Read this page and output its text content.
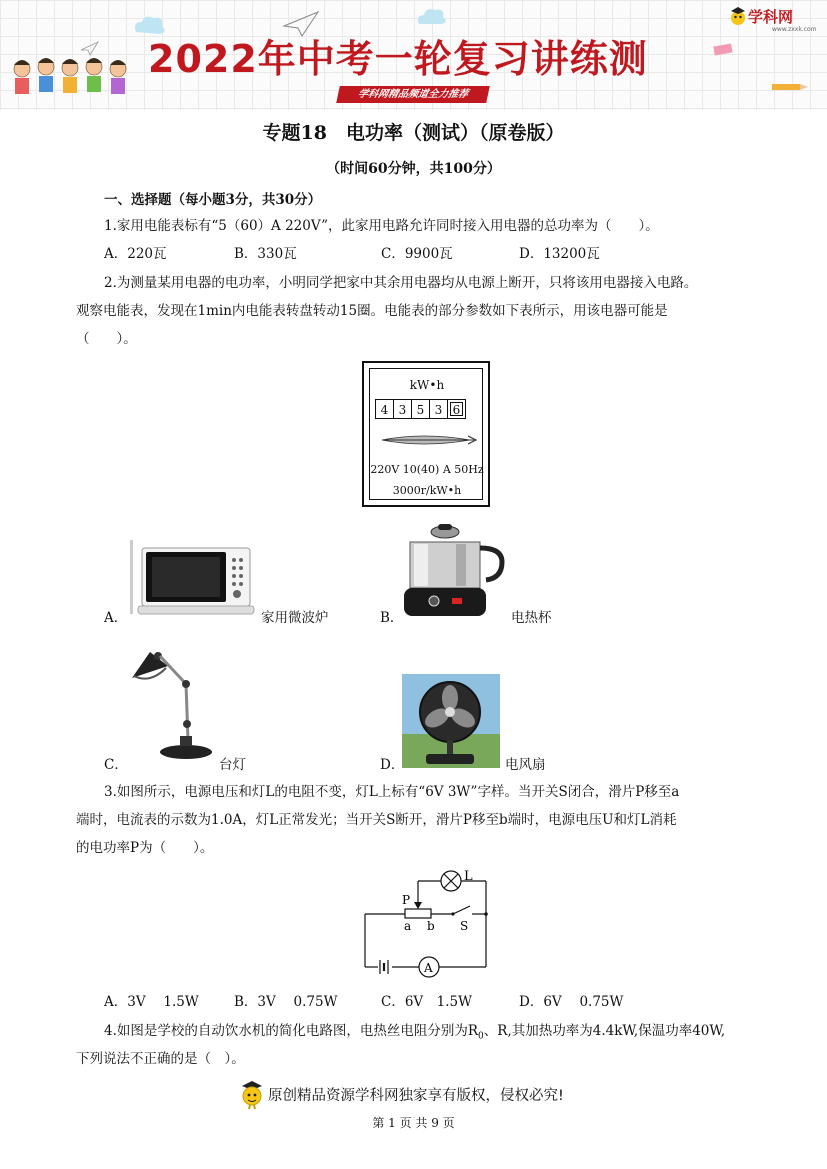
2022年中考一轮复习讲练测
学科网精品频道全力推荐
学科网
www.zxxk.com
专题18　电功率（测试）（原卷版）
（时间60分钟，共100分）
一、选择题（每小题3分，共30分）
1.家用电能表标有“5（60）A 220V”，此家用电路允许同时接入用电器的总功率为（　　）。
A．220瓦	B．330瓦	C．9900瓦	D．13200瓦
2.为测量某用电器的电功率，小明同学把家中其余用电器均从电源上断开，只将该用电器接入电路。
观察电能表，发现在1min内电能表转盘转动15圈。电能表的部分参数如下表所示，用该电器可能是
（　　）。
kW•h
4 3 5 3 6
220V 10(40) A 50Hz
3000r/kW•h
A．	家用微波炉	B．	电热杯
C．	台灯	D．	电风扇
3.如图所示，电源电压和灯L的电阻不变，灯L上标有“6V 3W”字样。当开关S闭合，滑片P移至a
端时，电流表的示数为1.0A，灯L正常发光；当开关S断开，滑片P移至b端时，电源电压U和灯L消耗
的电功率P为（　　）。
L
P
a b S
A
A．3V　 1.5W	B．3V　 0.75W	C．6V　1.5W	D．6V　 0.75W
4.如图是学校的自动饮水机的简化电路图，电热丝电阻分别为$R_0$、R,其加热功率为4.4kW,保温功率40W,
下列说法不正确的是（　）。
原创精品资源学科网独家享有版权，侵权必究!
第 1 页 共 9 页
